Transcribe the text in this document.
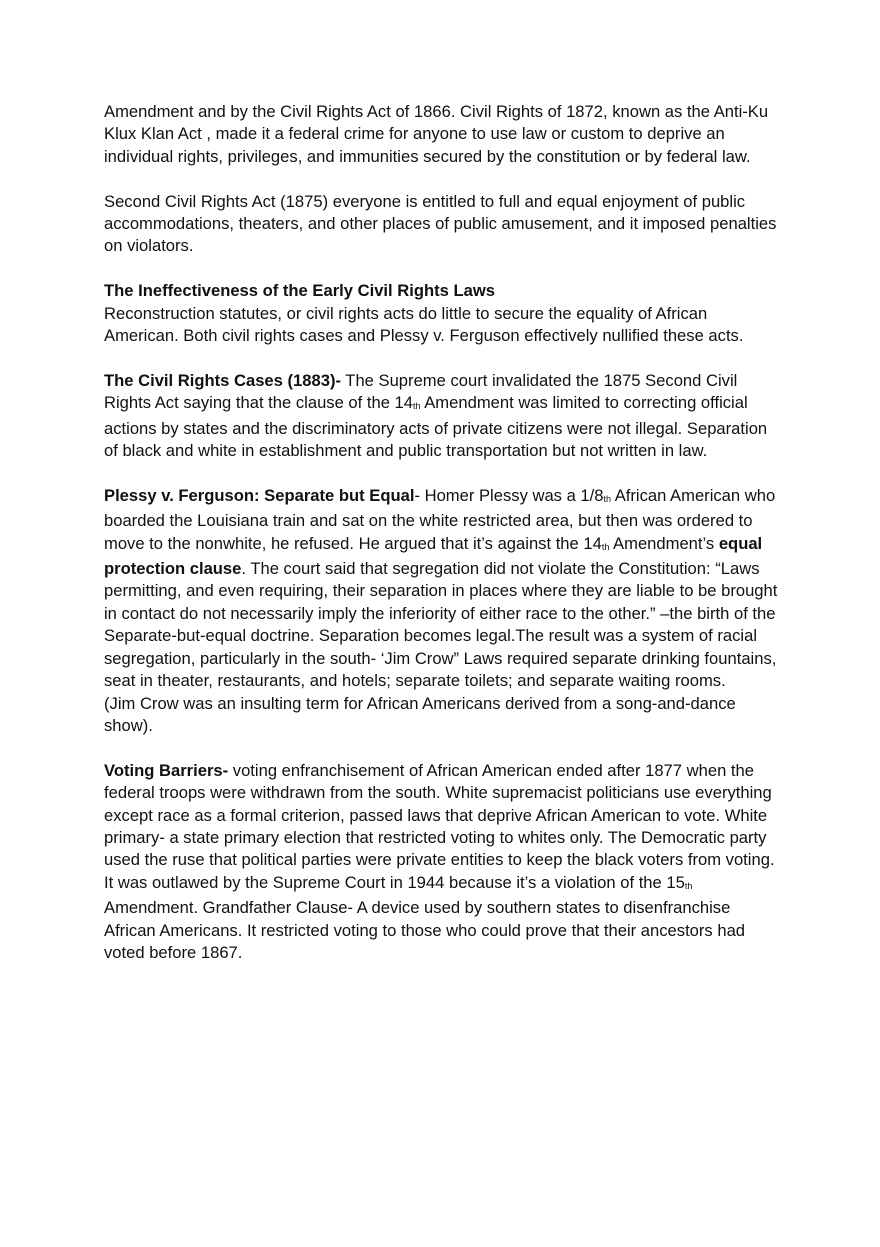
Amendment and by the Civil Rights Act of 1866. Civil Rights of 1872, known as the Anti-Ku Klux Klan Act , made it a federal crime for anyone to use law or custom to deprive an individual rights, privileges, and immunities secured by the constitution or by federal law.

Second Civil Rights Act (1875) everyone is entitled to full and equal enjoyment of public accommodations, theaters, and other places of public amusement, and it imposed penalties on violators.

The Ineffectiveness of the Early Civil Rights Laws
Reconstruction statutes, or civil rights acts do little to secure the equality of African American. Both civil rights cases and Plessy v. Ferguson effectively nullified these acts.

The Civil Rights Cases (1883)- The Supreme court invalidated the 1875 Second Civil Rights Act saying that the clause of the 14th Amendment was limited to correcting official actions by states and the discriminatory acts of private citizens were not illegal. Separation of black and white in establishment and public transportation but not written in law.

Plessy v. Ferguson: Separate but Equal- Homer Plessy was a 1/8th African American who boarded the Louisiana train and sat on the white restricted area, but then was ordered to move to the nonwhite, he refused. He argued that it’s against the 14th Amendment’s equal protection clause. The court said that segregation did not violate the Constitution: “Laws permitting, and even requiring, their separation in places where they are liable to be brought in contact do not necessarily imply the inferiority of either race to the other.” –the birth of the Separate-but-equal doctrine. Separation becomes legal.The result was a system of racial segregation, particularly in the south- ‘Jim Crow” Laws required separate drinking fountains, seat in theater, restaurants, and hotels; separate toilets; and separate waiting rooms.
(Jim Crow was an insulting term for African Americans derived from a song-and-dance show).

Voting Barriers- voting enfranchisement of African American ended after 1877 when the federal troops were withdrawn from the south. White supremacist politicians use everything except race as a formal criterion, passed laws that deprive African American to vote. White primary- a state primary election that restricted voting to whites only. The Democratic party used the ruse that political parties were private entities to keep the black voters from voting. It was outlawed by the Supreme Court in 1944 because it’s a violation of the 15th Amendment. Grandfather Clause- A device used by southern states to disenfranchise African Americans. It restricted voting to those who could prove that their ancestors had voted before 1867.
